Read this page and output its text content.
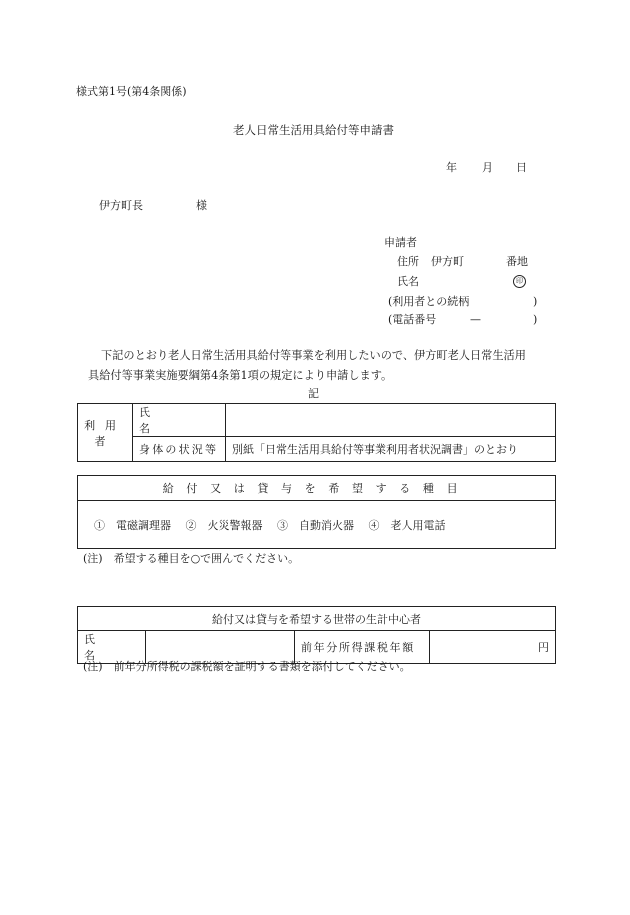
様式第1号(第4条関係)
老人日常生活用具給付等申請書
年 月 日
伊方町長	様
申請者
住所 伊方町	番地
氏名	印
(利用者との続柄	)
(電話番号	—	)
下記のとおり老人日常生活用具給付等事業を利用したいので、伊方町老人日常生活用
具給付等事業実施要綱第4条第1項の規定により申請します。
記
利用者	氏名	
	身体の状況等	別紙「日常生活用具給付等事業利用者状況調書」のとおり
給付又は貸与を希望する種目
①　 電磁調理器　 ②　 火災警報器　 ③　 自動消火器　 ④　 老人用電話
(注)　希望する種目を○で囲んでください。
給付又は貸与を希望する世帯の生計中心者
氏名		前年分所得課税年額	円
(注)　前年分所得税の課税額を証明する書類を添付してください。
